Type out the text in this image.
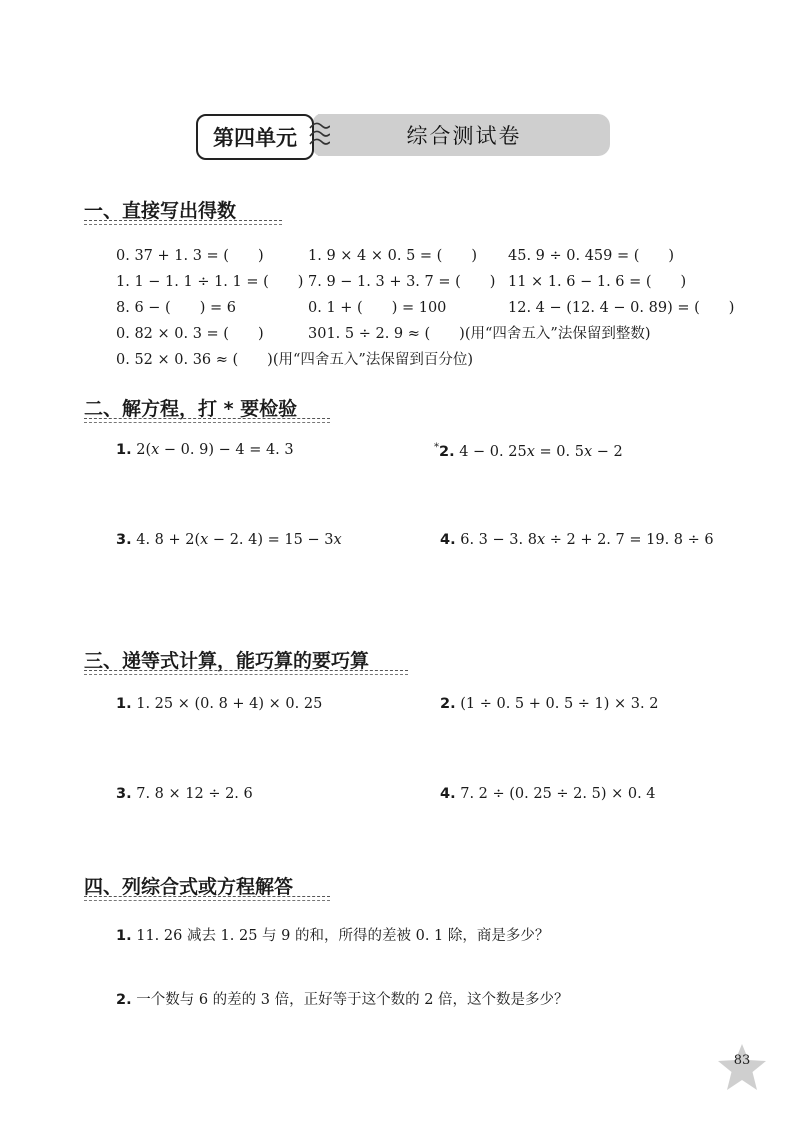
第四单元	综合测试卷
一、直接写出得数
0. 37 + 1. 3 = (　　)	1. 9 × 4 × 0. 5 = (　　) 45. 9 ÷ 0. 459 = (　　)
1. 1 − 1. 1 ÷ 1. 1 = (　　) 7. 9 − 1. 3 + 3. 7 = (　　) 11 × 1. 6 − 1. 6 = (　　)
8. 6 − (　　) = 6	0. 1 + (　　) = 100	12. 4 − (12. 4 − 0. 89) = (　　)
0. 82 × 0. 3 = (　　)	301. 5 ÷ 2. 9 ≈ (　　)(用“四舍五入”法保留到整数)
0. 52 × 0. 36 ≈ (　　)(用“四舍五入”法保留到百分位)
二、解方程，打 * 要检验
1. 2(x − 0. 9) − 4 = 4. 3	*2. 4 − 0. 25x = 0. 5x − 2
3. 4. 8 + 2(x − 2. 4) = 15 − 3x	4. 6. 3 − 3. 8x ÷ 2 + 2. 7 = 19. 8 ÷ 6
三、递等式计算，能巧算的要巧算
1. 1. 25 × (0. 8 + 4) × 0. 25	2. (1 ÷ 0. 5 + 0. 5 ÷ 1) × 3. 2
3. 7. 8 × 12 ÷ 2. 6	4. 7. 2 ÷ (0. 25 ÷ 2. 5) × 0. 4
四、列综合式或方程解答
1. 11. 26 减去 1. 25 与 9 的和，所得的差被 0. 1 除，商是多少？
2. 一个数与 6 的差的 3 倍，正好等于这个数的 2 倍，这个数是多少？
83
